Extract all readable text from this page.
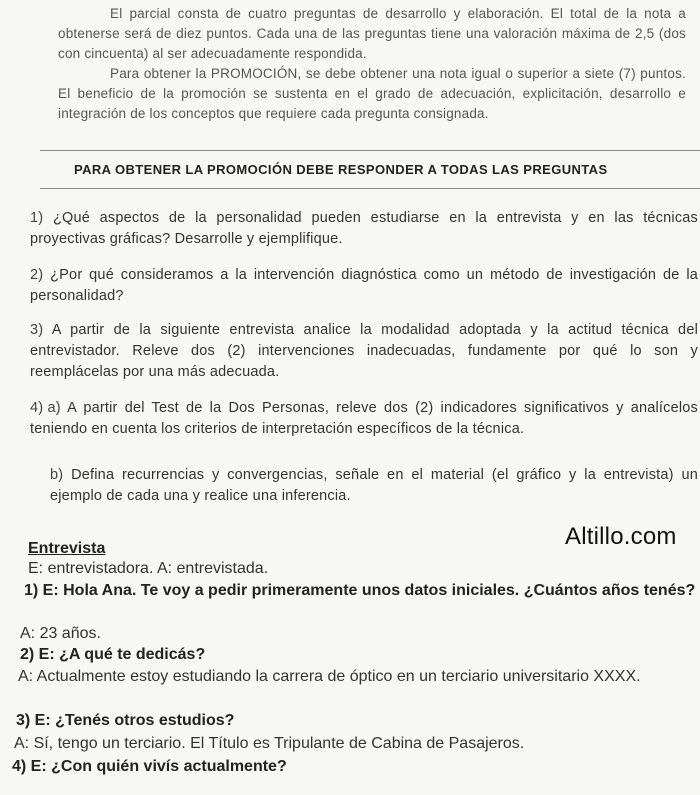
El parcial consta de cuatro preguntas de desarrollo y elaboración. El total de la nota a obtenerse será de diez puntos. Cada una de las preguntas tiene una valoración máxima de 2,5 (dos con cincuenta) al ser adecuadamente respondida.

Para obtener la PROMOCIÓN, se debe obtener una nota igual o superior a siete (7) puntos. El beneficio de la promoción se sustenta en el grado de adecuación, explicitación, desarrollo e integración de los conceptos que requiere cada pregunta consignada.

PARA OBTENER LA PROMOCIÓN DEBE RESPONDER A TODAS LAS PREGUNTAS
1) ¿Qué aspectos de la personalidad pueden estudiarse en la entrevista y en las técnicas proyectivas gráficas? Desarrolle y ejemplifique.
2) ¿Por qué consideramos a la intervención diagnóstica como un método de investigación de la personalidad?
3) A partir de la siguiente entrevista analice la modalidad adoptada y la actitud técnica del entrevistador. Releve dos (2) intervenciones inadecuadas, fundamente por qué lo son y reemplácelas por una más adecuada.
4) a) A partir del Test de la Dos Personas, releve dos (2) indicadores significativos y analícelos teniendo en cuenta los criterios de interpretación específicos de la técnica.
b) Defina recurrencias y convergencias, señale en el material (el gráfico y la entrevista) un ejemplo de cada una y realice una inferencia.
Altillo.com
Entrevista
E: entrevistadora. A: entrevistada.
1) E: Hola Ana. Te voy a pedir primeramente unos datos iniciales. ¿Cuántos años tenés?
A: 23 años.
2) E: ¿A qué te dedicás?
A: Actualmente estoy estudiando la carrera de óptico en un terciario universitario XXXX.
3) E: ¿Tenés otros estudios?
A: Sí, tengo un terciario. El Título es Tripulante de Cabina de Pasajeros.
4) E: ¿Con quién vivís actualmente?
